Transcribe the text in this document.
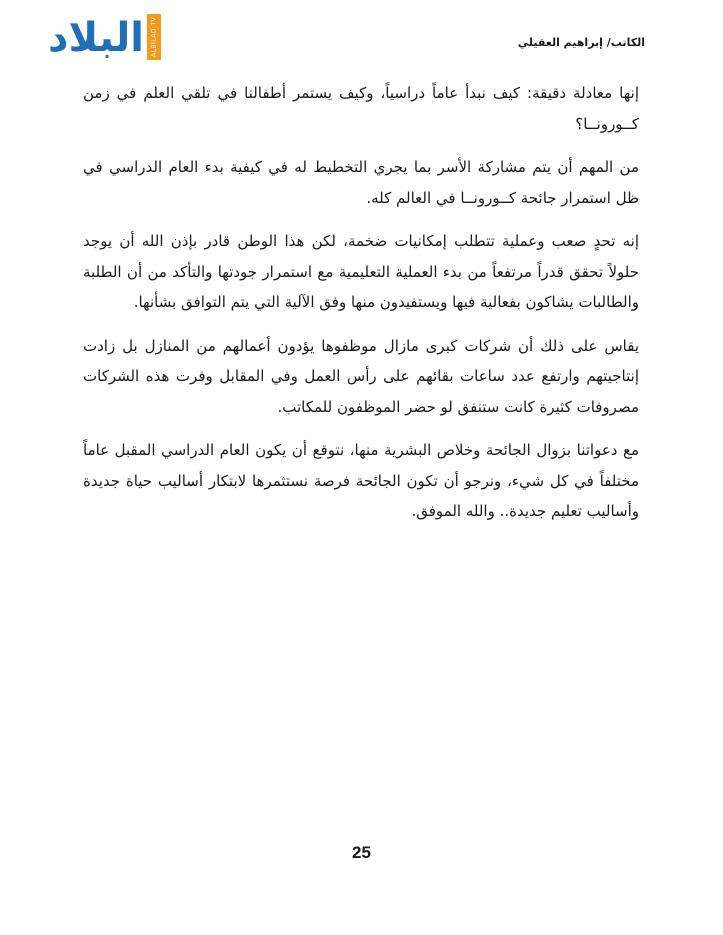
البلاد	ALBILAD TV	الكاتب/ إبراهيم العقيلي

إنها معادلة دقيقة: كيف نبدأ عاماً دراسياً، وكيف يستمر أطفالنا في تلقي العلم في زمن كــورونــا؟

من المهم أن يتم مشاركة الأسر بما يجري التخطيط له في كيفية بدء العام الدراسي في ظل استمرار جائحة كــورونــا في العالم كله.

إنه تحدٍ صعب وعملية تتطلب إمكانيات ضخمة، لكن هذا الوطن قادر بإذن الله أن يوجد حلولاً تحقق قدراً مرتفعاً من بدء العملية التعليمية مع استمرار جودتها والتأكد من أن الطلبة والطالبات يشاكون بفعالية فيها ويستفيدون منها وفق الآلية التي يتم التوافق بشأنها.

يقاس على ذلك أن شركات كبرى مازال موظفوها يؤدون أعمالهم من المنازل بل زادت إنتاجيتهم وارتفع عدد ساعات بقائهم على رأس العمل وفي المقابل وفرت هذه الشركات مصروفات كثيرة كانت ستنفق لو حضر الموظفون للمكاتب.

مع دعواتنا بزوال الجائحة وخلاص البشرية منها، نتوقع أن يكون العام الدراسي المقبل عاماً مختلفاً في كل شيء، ونرجو أن تكون الجائحة فرصة نستثمرها لابتكار أساليب حياة جديدة وأساليب تعليم جديدة.. والله الموفق.

25
